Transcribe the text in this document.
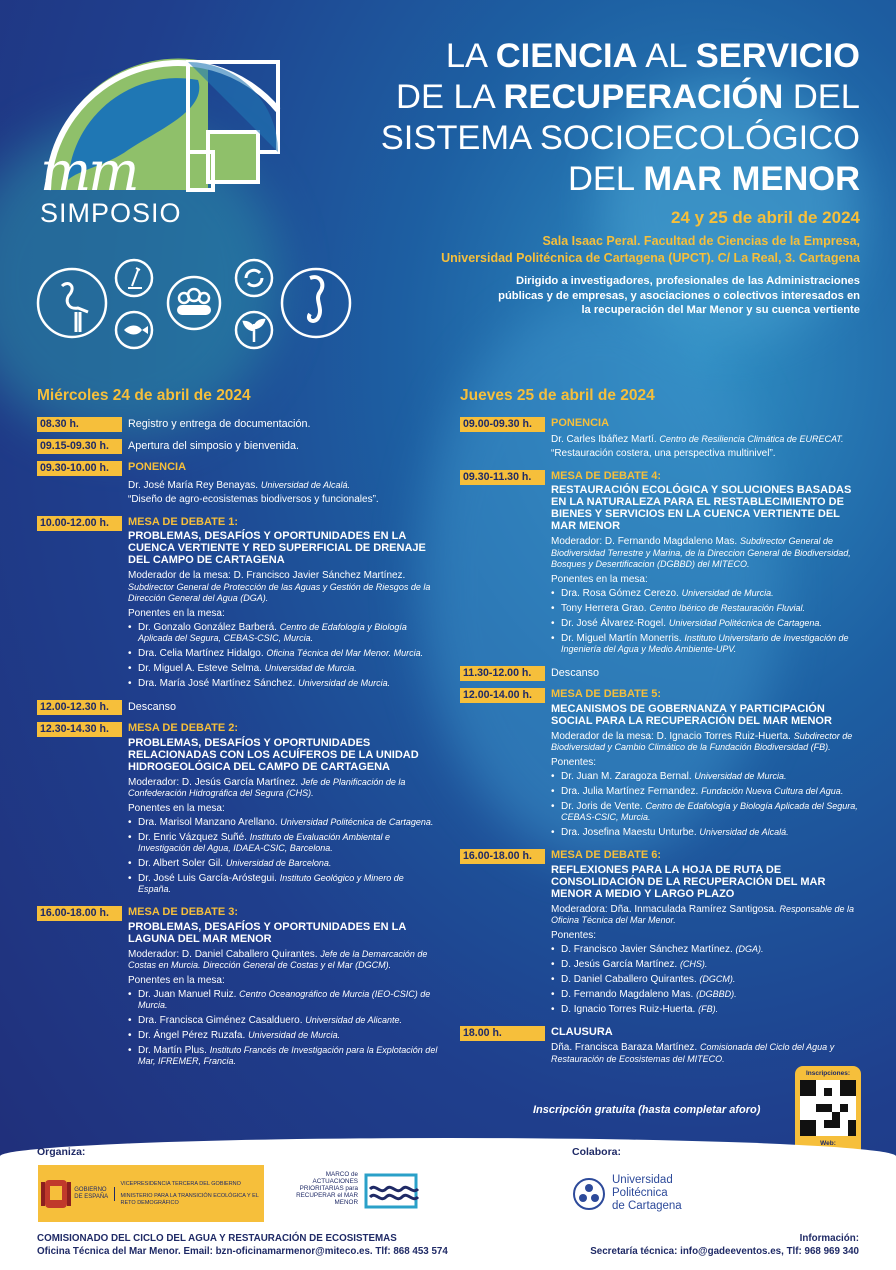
mm
SIMPOSIO
LA CIENCIA AL SERVICIO
DE LA RECUPERACIÓN DEL
SISTEMA SOCIOECOLÓGICO
DEL MAR MENOR
24 y 25 de abril de 2024
Sala Isaac Peral. Facultad de Ciencias de la Empresa,
Universidad Politécnica de Cartagena (UPCT). C/ La Real, 3. Cartagena
Dirigido a investigadores, profesionales de las Administraciones
públicas y de empresas, y asociaciones o colectivos interesados en
la recuperación del Mar Menor y su cuenca vertiente
Miércoles 24 de abril de 2024
08.30 h.	Registro y entrega de documentación.
09.15-09.30 h.	Apertura del simposio y bienvenida.
09.30-10.00 h.	PONENCIA
Dr. José María Rey Benayas. Universidad de Alcalá.
“Diseño de agro-ecosistemas biodiversos y funcionales”.
10.00-12.00 h.	MESA DE DEBATE 1:
PROBLEMAS, DESAFÍOS Y OPORTUNIDADES EN LA CUENCA VERTIENTE Y RED SUPERFICIAL DE DRENAJE DEL CAMPO DE CARTAGENA
Moderador de la mesa: D. Francisco Javier Sánchez Martínez. Subdirector General de Protección de las Aguas y Gestión de Riesgos de la Dirección General del Agua (DGA).
Ponentes en la mesa:
• Dr. Gonzalo González Barberá. Centro de Edafología y Biología Aplicada del Segura, CEBAS-CSIC, Murcia.
• Dra. Celia Martínez Hidalgo. Oficina Técnica del Mar Menor. Murcia.
• Dr. Miguel A. Esteve Selma. Universidad de Murcia.
• Dra. María José Martínez Sánchez. Universidad de Murcia.
12.00-12.30 h.	Descanso
12.30-14.30 h.	MESA DE DEBATE 2:
PROBLEMAS, DESAFÍOS Y OPORTUNIDADES RELACIONADAS CON LOS ACUÍFEROS DE LA UNIDAD HIDROGEOLÓGICA DEL CAMPO DE CARTAGENA
Moderador: D. Jesús García Martínez. Jefe de Planificación de la Confederación Hidrográfica del Segura (CHS).
Ponentes en la mesa:
• Dra. Marisol Manzano Arellano. Universidad Politécnica de Cartagena.
• Dr. Enric Vázquez Suñé. Instituto de Evaluación Ambiental e Investigación del Agua, IDAEA-CSIC, Barcelona.
• Dr. Albert Soler Gil. Universidad de Barcelona.
• Dr. José Luis García-Aróstegui. Instituto Geológico y Minero de España.
16.00-18.00 h.	MESA DE DEBATE 3:
PROBLEMAS, DESAFÍOS Y OPORTUNIDADES EN LA LAGUNA DEL MAR MENOR
Moderador: D. Daniel Caballero Quirantes. Jefe de la Demarcación de Costas en Murcia. Dirección General de Costas y el Mar (DGCM).
Ponentes en la mesa:
• Dr. Juan Manuel Ruiz. Centro Oceanográfico de Murcia (IEO-CSIC) de Murcia.
• Dra. Francisca Giménez Casalduero. Universidad de Alicante.
• Dr. Ángel Pérez Ruzafa. Universidad de Murcia.
• Dr. Martín Plus. Instituto Francés de Investigación para la Explotación del Mar, IFREMER, Francia.
Jueves 25 de abril de 2024
09.00-09.30 h.	PONENCIA
Dr. Carles Ibáñez Martí. Centro de Resiliencia Climática de EURECAT.
“Restauración costera, una perspectiva multinivel”.
09.30-11.30 h.	MESA DE DEBATE 4:
RESTAURACIÓN ECOLÓGICA Y SOLUCIONES BASADAS EN LA NATURALEZA PARA EL RESTABLECIMIENTO DE BIENES Y SERVICIOS EN LA CUENCA VERTIENTE DEL MAR MENOR
Moderador: D. Fernando Magdaleno Mas. Subdirector General de Biodiversidad Terrestre y Marina, de la Direccion General de Biodiversidad, Bosques y Desertificacion (DGBBD) del MITECO.
Ponentes en la mesa:
• Dra. Rosa Gómez Cerezo. Universidad de Murcia.
• Tony Herrera Grao. Centro Ibérico de Restauración Fluvial.
• Dr. José Álvarez-Rogel. Universidad Politécnica de Cartagena.
• Dr. Miguel Martín Monerris. Instituto Universitario de Investigación de Ingeniería del Agua y Medio Ambiente-UPV.
11.30-12.00 h.	Descanso
12.00-14.00 h.	MESA DE DEBATE 5:
MECANISMOS DE GOBERNANZA Y PARTICIPACIÓN SOCIAL PARA LA RECUPERACIÓN DEL MAR MENOR
Moderador de la mesa: D. Ignacio Torres Ruiz-Huerta. Subdirector de Biodiversidad y Cambio Climático de la Fundación Biodiversidad (FB).
Ponentes:
• Dr. Juan M. Zaragoza Bernal. Universidad de Murcia.
• Dra. Julia Martínez Fernandez. Fundación Nueva Cultura del Agua.
• Dr. Joris de Vente. Centro de Edafología y Biología Aplicada del Segura, CEBAS-CSIC, Murcia.
• Dra. Josefina Maestu Unturbe. Universidad de Alcalá.
16.00-18.00 h.	MESA DE DEBATE 6:
REFLEXIONES PARA LA HOJA DE RUTA DE CONSOLIDACIÓN DE LA RECUPERACIÓN DEL MAR MENOR A MEDIO Y LARGO PLAZO
Moderadora: Dña. Inmaculada Ramírez Santigosa. Responsable de la Oficina Técnica del Mar Menor.
Ponentes:
• D. Francisco Javier Sánchez Martínez. (DGA).
• D. Jesús García Martínez. (CHS).
• D. Daniel Caballero Quirantes. (DGCM).
• D. Fernando Magdaleno Mas. (DGBBD).
• D. Ignacio Torres Ruiz-Huerta. (FB).
18.00 h.	CLAUSURA
Dña. Francisca Baraza Martínez. Comisionada del Ciclo del Agua y Restauración de Ecosistemas del MITECO.
Inscripción gratuita (hasta completar aforo)
Inscripciones:
Web:
Organiza:	Colabora:
GOBIERNO DE ESPAÑA
VICEPRESIDENCIA TERCERA DEL GOBIERNO
MINISTERIO PARA LA TRANSICIÓN ECOLÓGICA Y EL RETO DEMOGRÁFICO
MARCO de ACTUACIONES PRIORITARIAS para RECUPERAR el MAR MENOR
Universidad
Politécnica
de Cartagena
COMISIONADO DEL CICLO DEL AGUA Y RESTAURACIÓN DE ECOSISTEMAS
Oficina Técnica del Mar Menor. Email: bzn-oficinamarmenor@miteco.es. Tlf: 868 453 574
Información:
Secretaría técnica: info@gadeeventos.es, Tlf: 968 969 340
